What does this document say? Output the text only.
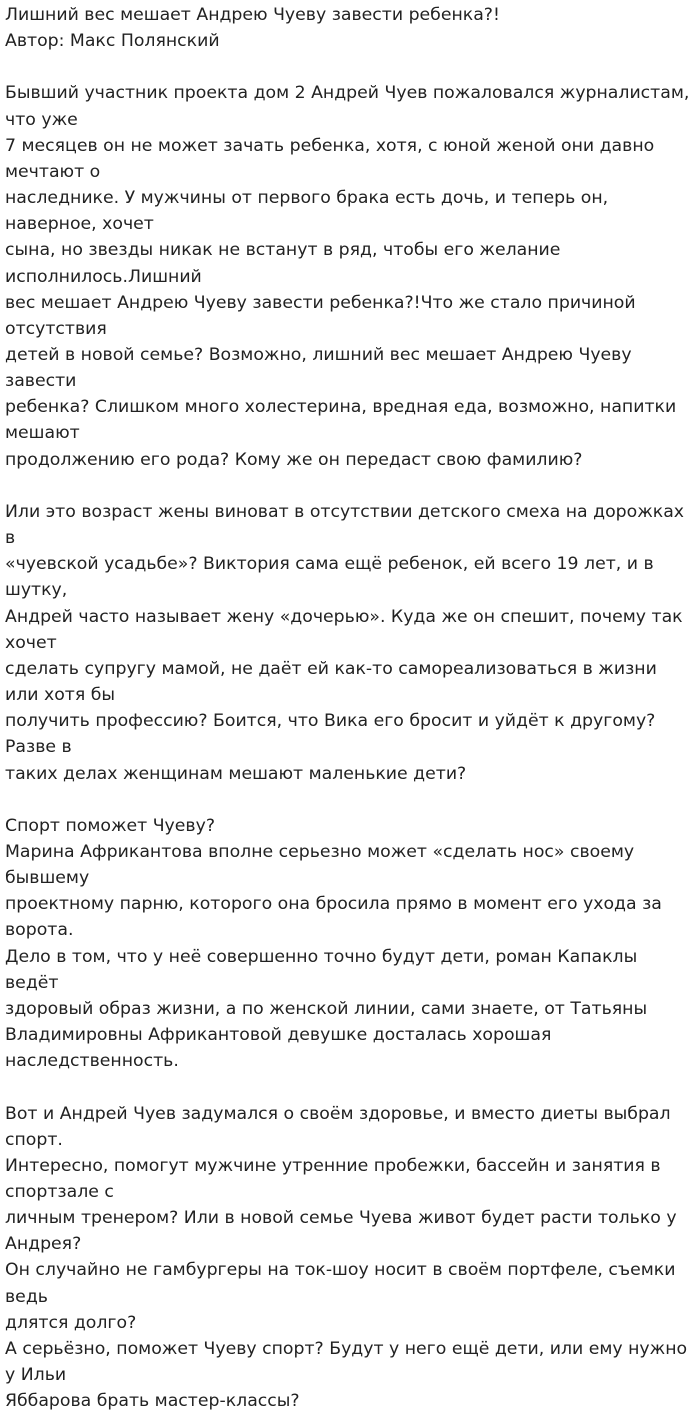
Лишний вес мешает Андрею Чуеву завести ребенка?!

Автор: Макс Полянский

Бывший участник проекта дом 2 Андрей Чуев пожаловался журналистам, что уже
7 месяцев он не может зачать ребенка, хотя, с юной женой они давно мечтают о
наследнике. У мужчины от первого брака есть дочь, и теперь он, наверное, хочет
сына, но звезды никак не встанут в ряд, чтобы его желание исполнилось.Лишний
вес мешает Андрею Чуеву завести ребенка?!Что же стало причиной отсутствия
детей в новой семье? Возможно, лишний вес мешает Андрею Чуеву завести
ребенка? Слишком много холестерина, вредная еда, возможно, напитки мешают
продолжению его рода? Кому же он передаст свою фамилию?

Или это возраст жены виноват в отсутствии детского смеха на дорожках в
«чуевской усадьбе»? Виктория сама ещё ребенок, ей всего 19 лет, и в шутку,
Андрей часто называет жену «дочерью». Куда же он спешит, почему так хочет
сделать супругу мамой, не даёт ей как-то самореализоваться в жизни или хотя бы
получить профессию? Боится, что Вика его бросит и уйдёт к другому? Разве в
таких делах женщинам мешают маленькие дети?

Спорт поможет Чуеву?

Марина Африкантова вполне серьезно может «сделать нос» своему бывшему
проектному парню, которого она бросила прямо в момент его ухода за ворота.
Дело в том, что у неё совершенно точно будут дети, роман Капаклы ведёт
здоровый образ жизни, а по женской линии, сами знаете, от Татьяны
Владимировны Африкантовой девушке досталась хорошая наследственность.

Вот и Андрей Чуев задумался о своём здоровье, и вместо диеты выбрал спорт.
Интересно, помогут мужчине утренние пробежки, бассейн и занятия в спортзале с
личным тренером? Или в новой семье Чуева живот будет расти только у Андрея?
Он случайно не гамбургеры на ток-шоу носит в своём портфеле, съемки ведь
длятся долго?

А серьёзно, поможет Чуеву спорт? Будут у него ещё дети, или ему нужно у Ильи
Яббарова брать мастер-классы?
